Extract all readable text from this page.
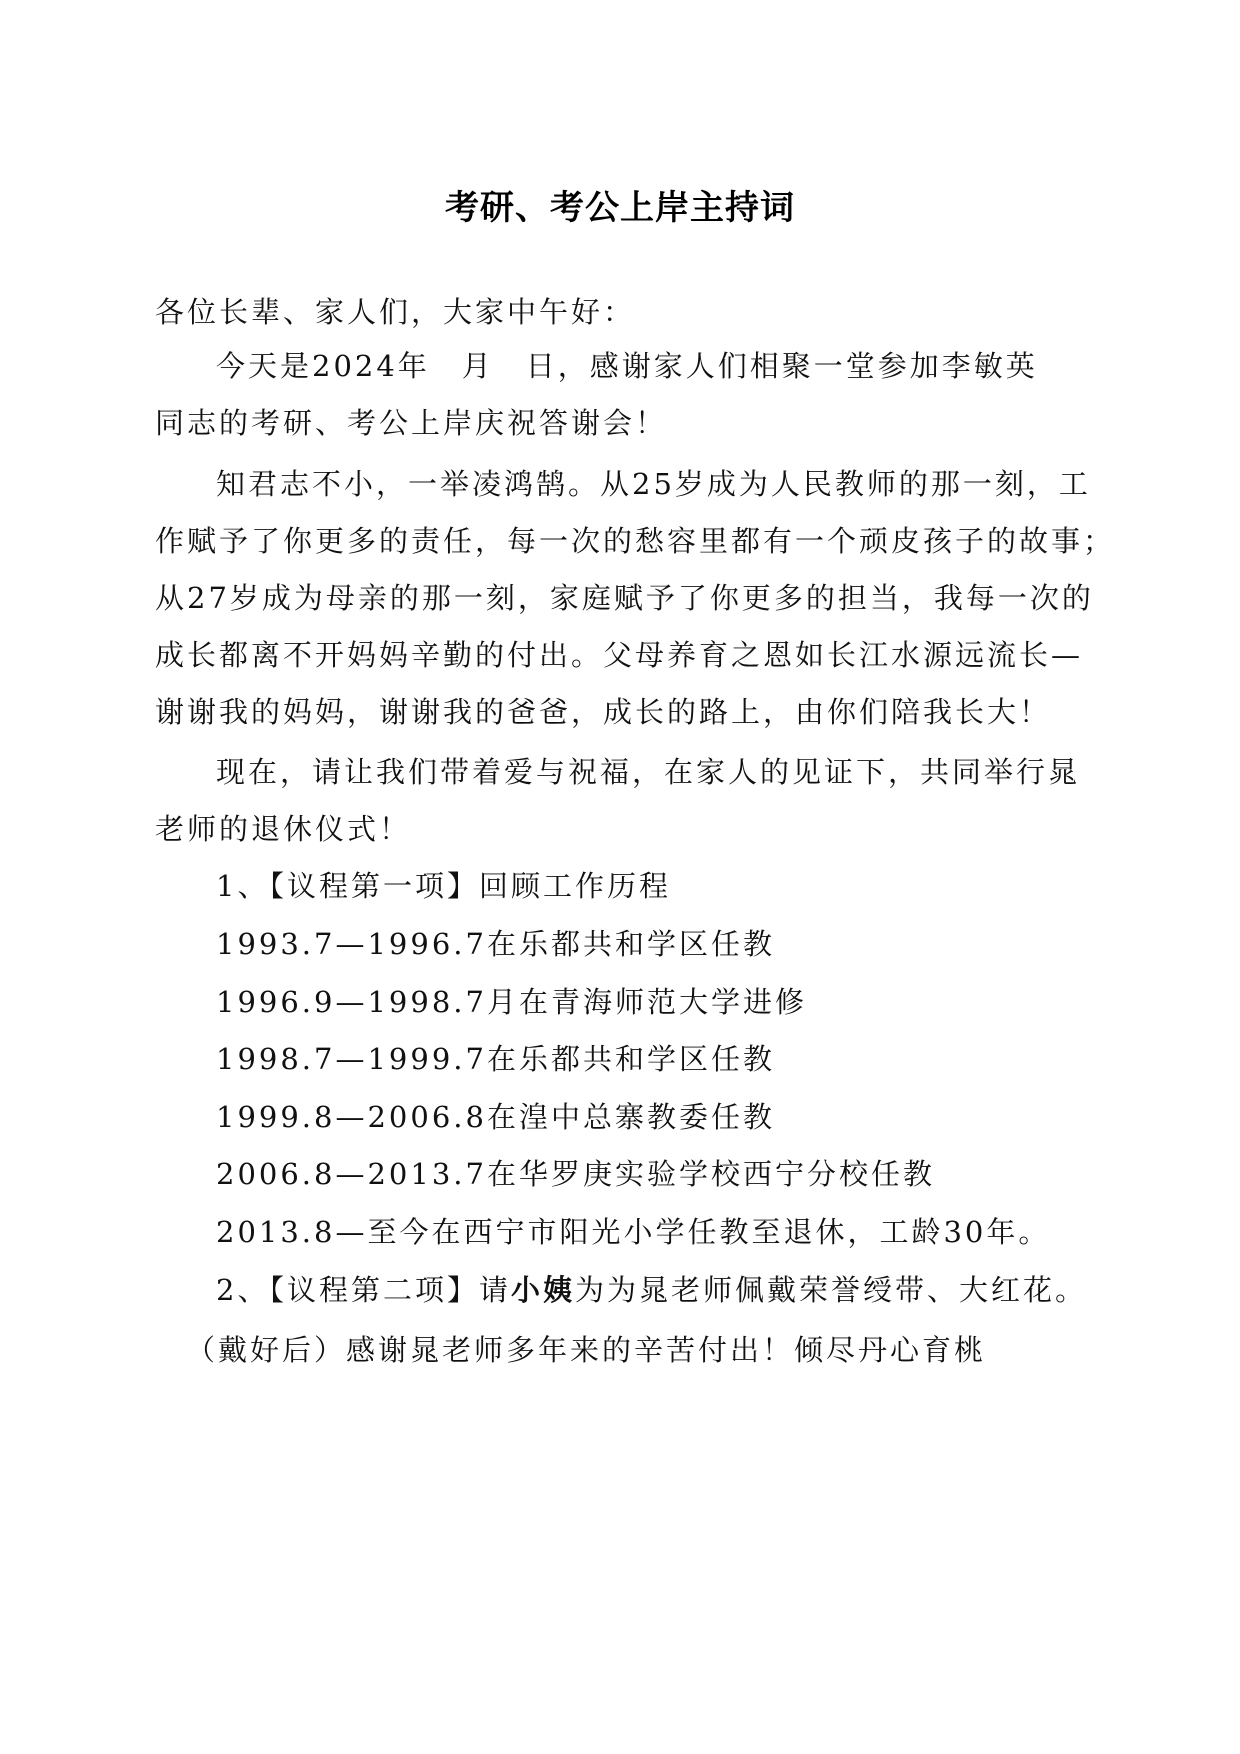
考研、考公上岸主持词
各位长辈、家人们，大家中午好：
今天是2024年　月　日，感谢家人们相聚一堂参加李敏英
同志的考研、考公上岸庆祝答谢会！
知君志不小，一举凌鸿鹄。从25岁成为人民教师的那一刻，工
作赋予了你更多的责任，每一次的愁容里都有一个顽皮孩子的故事；
从27岁成为母亲的那一刻，家庭赋予了你更多的担当，我每一次的
成长都离不开妈妈辛勤的付出。父母养育之恩如长江水源远流长—
谢谢我的妈妈，谢谢我的爸爸，成长的路上，由你们陪我长大！
现在，请让我们带着爱与祝福，在家人的见证下，共同举行晁
老师的退休仪式！
1、【议程第一项】回顾工作历程
1993.7—1996.7在乐都共和学区任教
1996.9—1998.7月在青海师范大学进修
1998.7—1999.7在乐都共和学区任教
1999.8—2006.8在湟中总寨教委任教
2006.8—2013.7在华罗庚实验学校西宁分校任教
2013.8—至今在西宁市阳光小学任教至退休，工龄30年。
2、【议程第二项】请小姨为为晁老师佩戴荣誉绶带、大红花。
（戴好后）感谢晁老师多年来的辛苦付出！倾尽丹心育桃
